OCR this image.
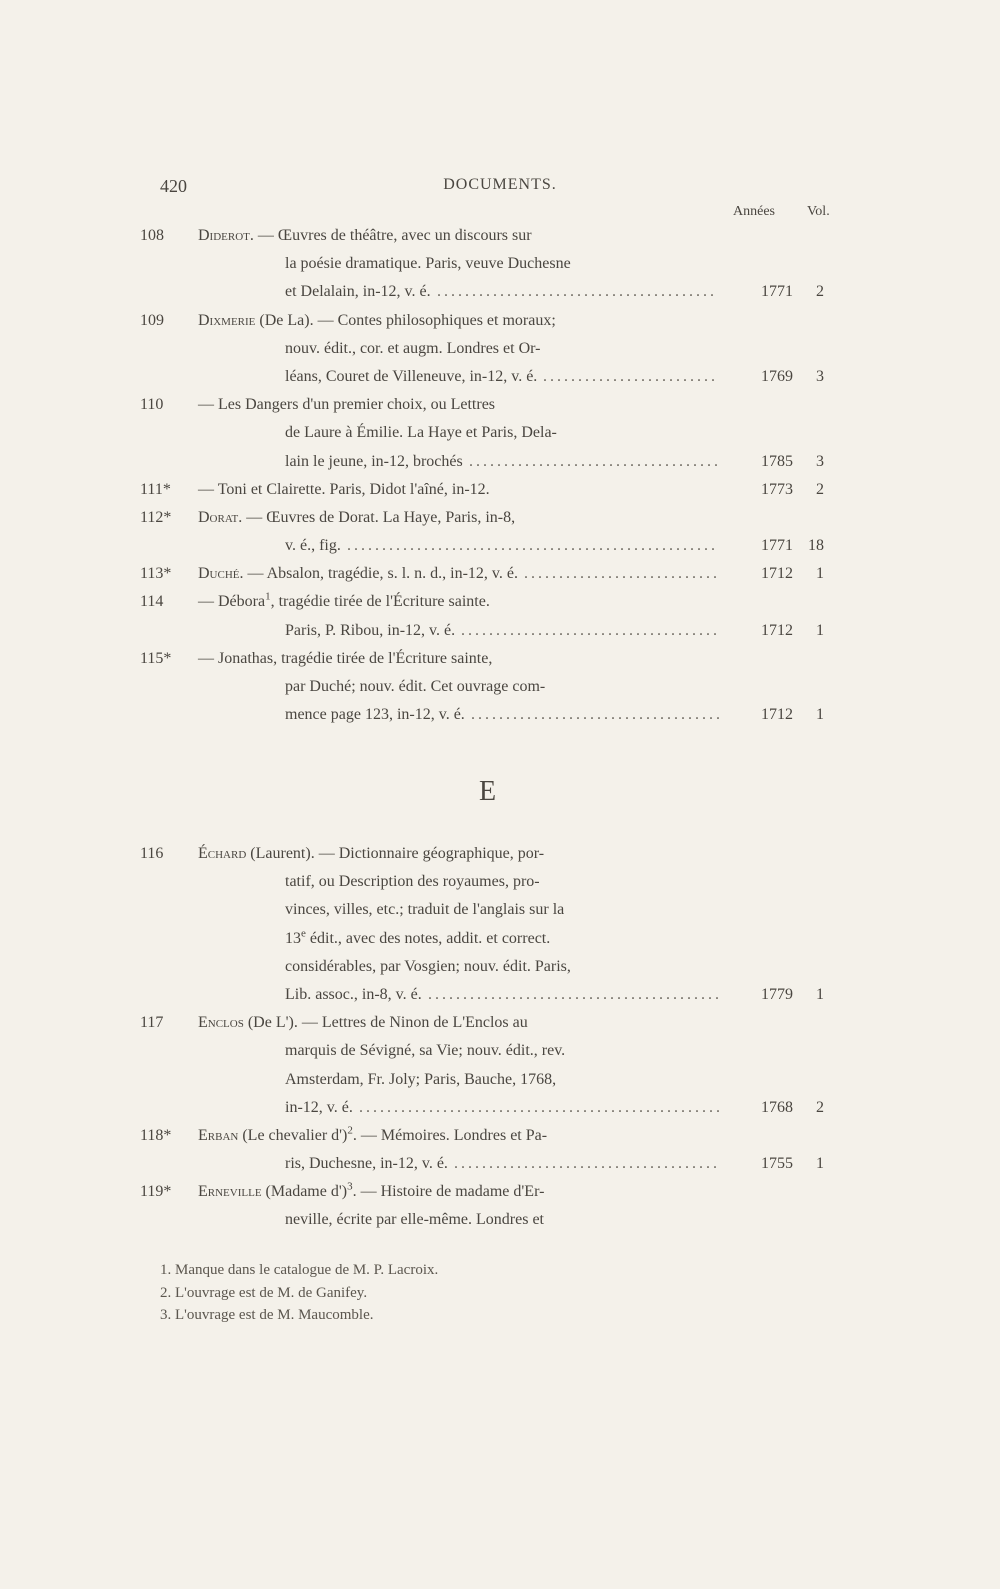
420	DOCUMENTS.
Années Vol.
108 Diderot. — Œuvres de théâtre, avec un discours sur
la poésie dramatique. Paris, veuve Duchesne
et Delalain, in-12, v. é.	1771	2
........................................
109 Dixmerie (De La). — Contes philosophiques et moraux;
nouv. édit., cor. et augm. Londres et Or-
léans, Couret de Villeneuve, in-12, v. é.	1769	3
.........................
110 — Les Dangers d'un premier choix, ou Lettres
de Laure à Émilie. La Haye et Paris, Dela-
lain le jeune, in-12, brochés	1785	3
....................................
111* — Toni et Clairette. Paris, Didot l'aîné, in-12.	1773	2
112* Dorat. — Œuvres de Dorat. La Haye, Paris, in-8,
v. é., fig.	1771 18
.....................................................
113* Duché. — Absalon, tragédie, s. l. n. d., in-12, v. é.	1712	1
............................
114 — Débora$^1$, tragédie tirée de l'Écriture sainte.
Paris, P. Ribou, in-12, v. é.	1712	1
.....................................
115* — Jonathas, tragédie tirée de l'Écriture sainte,
par Duché; nouv. édit. Cet ouvrage com-
mence page 123, in-12, v. é.	1712	1
....................................
E
116 Échard (Laurent). — Dictionnaire géographique, por-
tatif, ou Description des royaumes, pro-
vinces, villes, etc.; traduit de l'anglais sur la
13e édit., avec des notes, addit. et correct.
considérables, par Vosgien; nouv. édit. Paris,
Lib. assoc., in-8, v. é.	1779	1
..........................................
117 Enclos (De L'). — Lettres de Ninon de L'Enclos au
marquis de Sévigné, sa Vie; nouv. édit., rev.
Amsterdam, Fr. Joly; Paris, Bauche, 1768,
in-12, v. é.	1768	2
....................................................
118* Erban (Le chevalier d')$^2$. — Mémoires. Londres et Pa-
ris, Duchesne, in-12, v. é.	1755	1
......................................
119* Erneville (Madame d')$^3$. — Histoire de madame d'Er-
neville, écrite par elle-même. Londres et
1. Manque dans le catalogue de M. P. Lacroix.
2. L'ouvrage est de M. de Ganifey.
3. L'ouvrage est de M. Maucomble.
